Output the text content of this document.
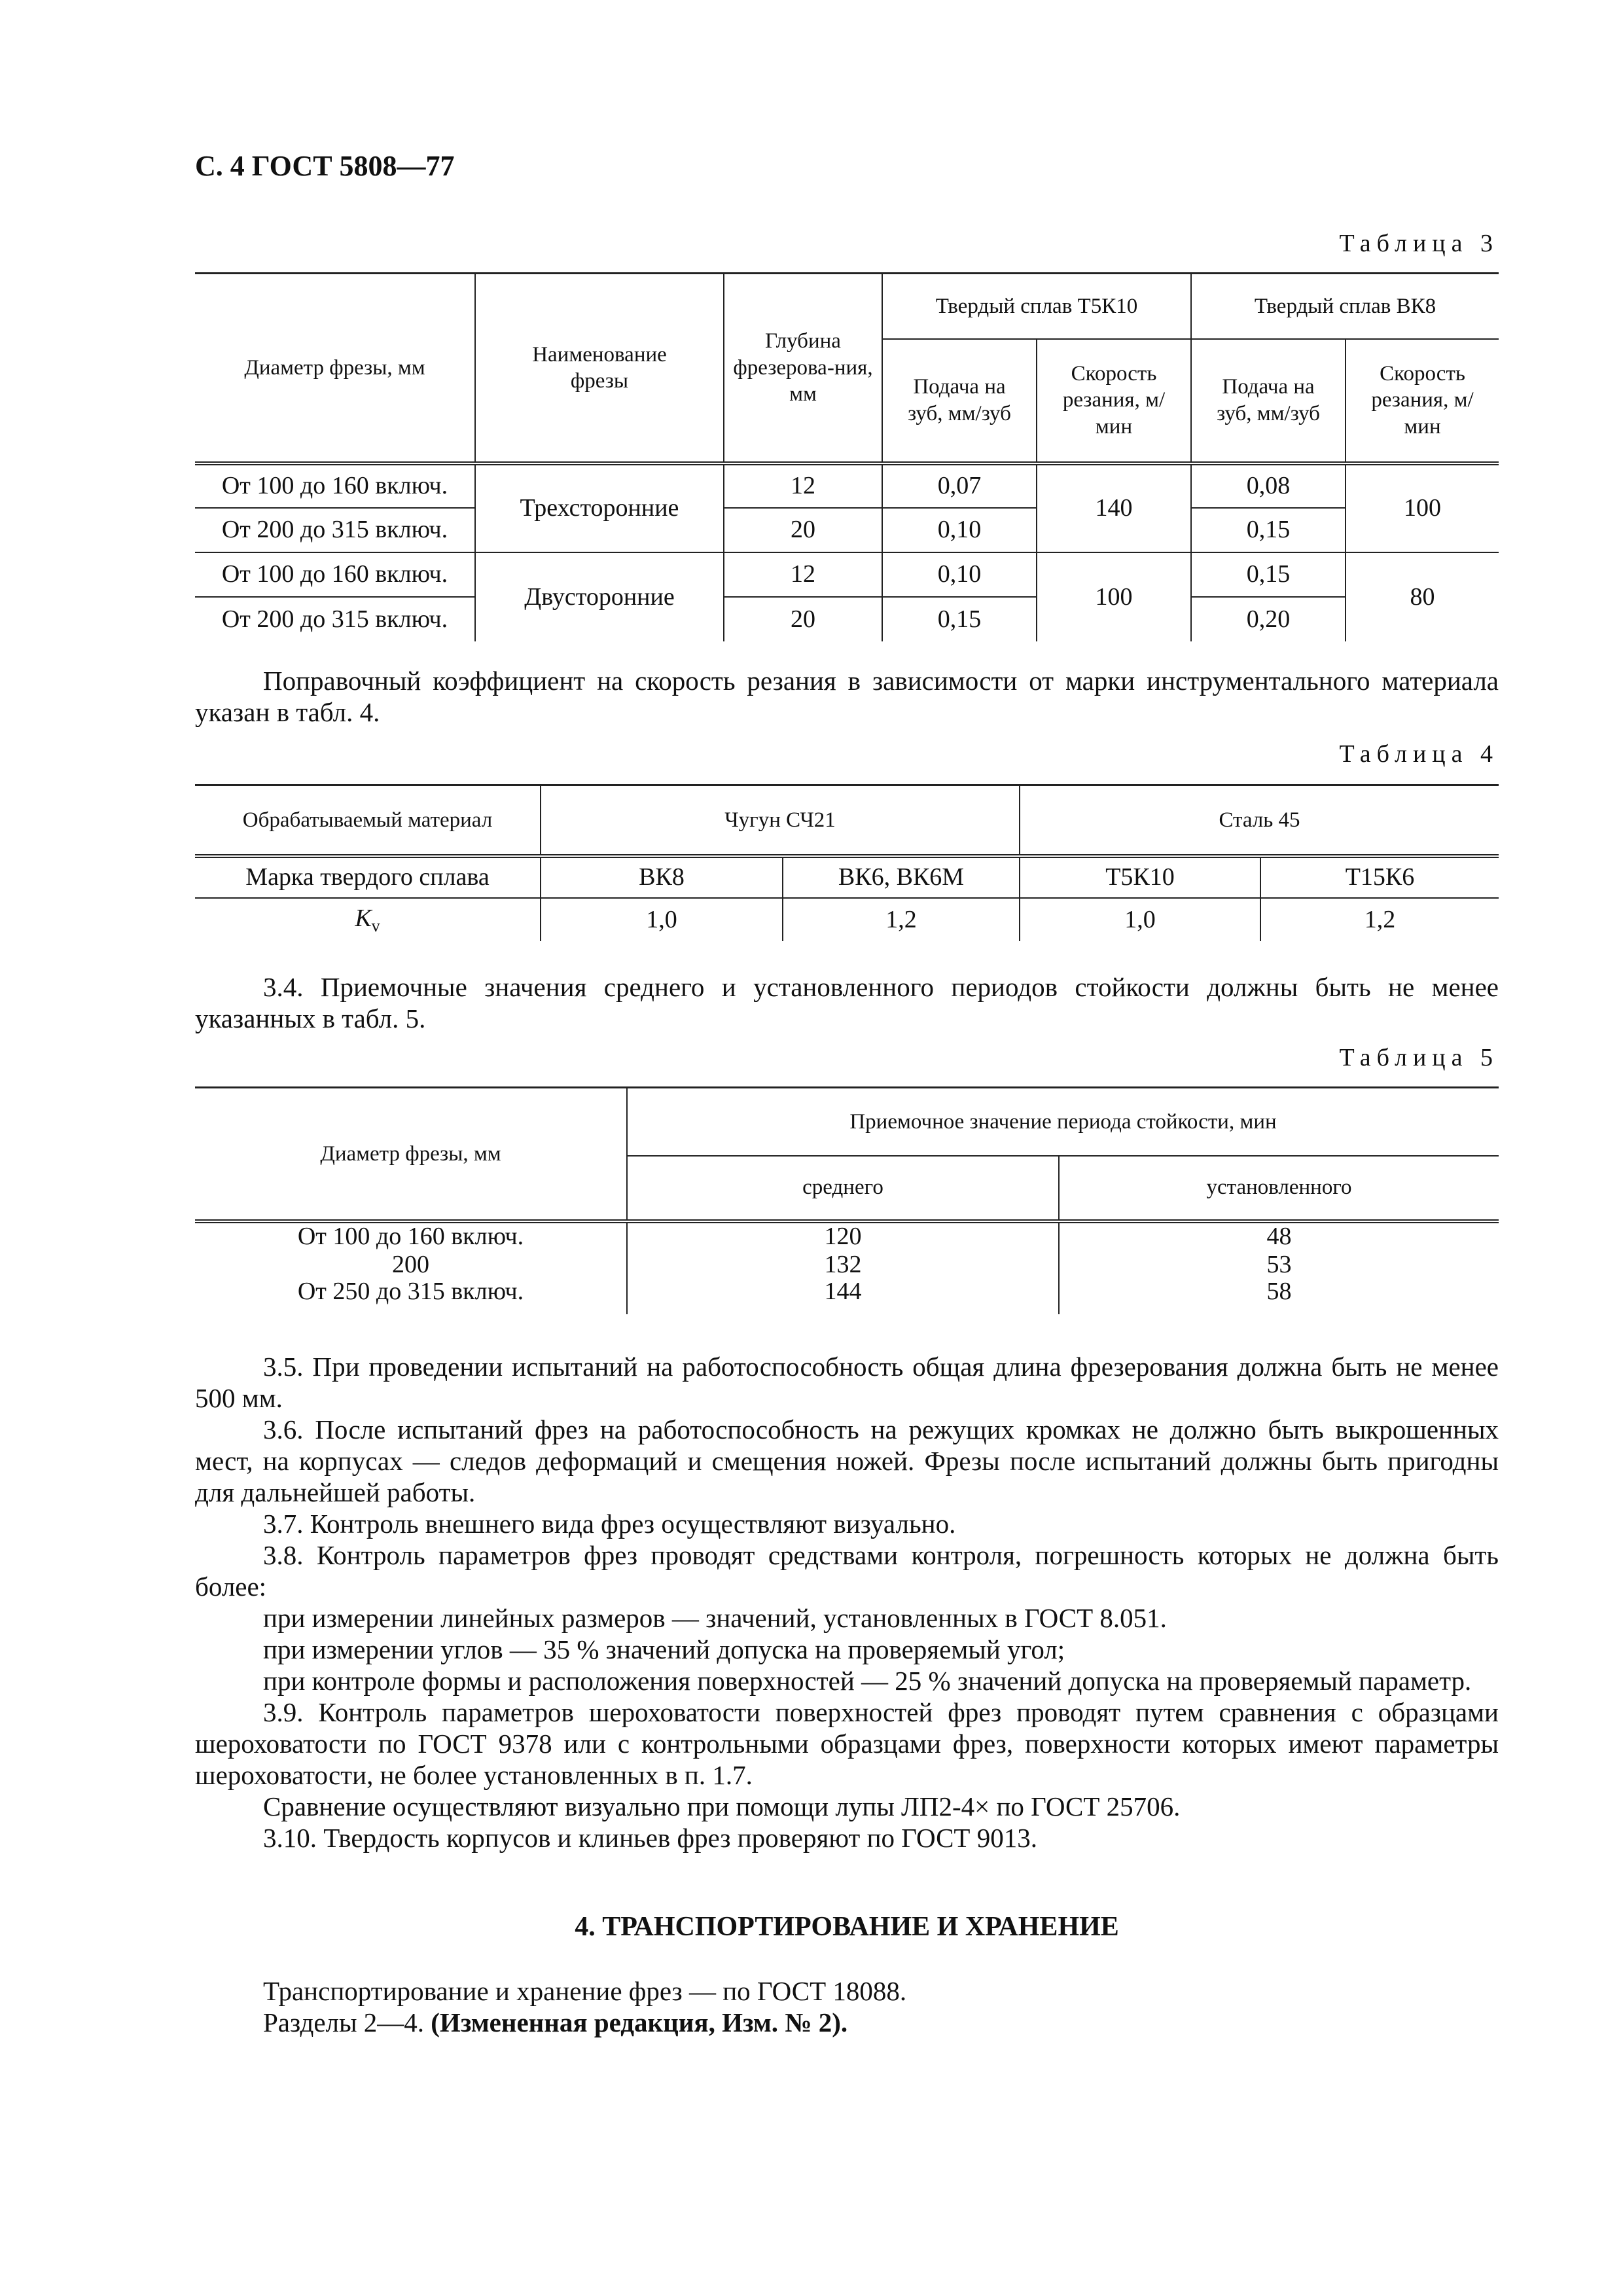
С. 4 ГОСТ 5808—77
Таблица 3
Диаметр фрезы, мм	Наименование фрезы	Глубина фрезерова-ния, мм	Твердый сплав Т5К10		Твердый сплав ВК8	
			Подача на зуб, мм/зуб	Скорость резания, м/мин	Подача на зуб, мм/зуб	Скорость резания, м/мин
От 100 до 160 включ.	Трехсторонние	12	0,07	140	0,08	100
От 200 до 315 включ.		20	0,10		0,15	
От 100 до 160 включ.	Двусторонние	12	0,10	100	0,15	80
От 200 до 315 включ.		20	0,15		0,20	

Поправочный коэффициент на скорость резания в зависимости от марки инструментального материала указан в табл. 4.

Таблица 4
Обрабатываемый материал	Чугун СЧ21		Сталь 45	
Марка твердого сплава	ВК8	ВК6, ВК6М	Т5К10	Т15К6
$K_v$	1,0	1,2	1,0	1,2

3.4. Приемочные значения среднего и установленного периодов стойкости должны быть не менее указанных в табл. 5.

Таблица 5
Диаметр фрезы, мм	Приемочное значение периода стойкости, мин	
	среднего	установленного
От 100 до 160 включ.	120	48
200	132	53
От 250 до 315 включ.	144	58

3.5. При проведении испытаний на работоспособность общая длина фрезерования должна быть не менее 500 мм.

3.6. После испытаний фрез на работоспособность на режущих кромках не должно быть выкрошенных мест, на корпусах — следов деформаций и смещения ножей. Фрезы после испытаний должны быть пригодны для дальнейшей работы.

3.7. Контроль внешнего вида фрез осуществляют визуально.

3.8. Контроль параметров фрез проводят средствами контроля, погрешность которых не должна быть более:

при измерении линейных размеров — значений, установленных в ГОСТ 8.051.

при измерении углов — 35 % значений допуска на проверяемый угол;

при контроле формы и расположения поверхностей — 25 % значений допуска на проверяемый параметр.

3.9. Контроль параметров шероховатости поверхностей фрез проводят путем сравнения с образцами шероховатости по ГОСТ 9378 или с контрольными образцами фрез, поверхности которых имеют параметры шероховатости, не более установленных в п. 1.7.

Сравнение осуществляют визуально при помощи лупы ЛП2-4× по ГОСТ 25706.

3.10. Твердость корпусов и клиньев фрез проверяют по ГОСТ 9013.

4. ТРАНСПОРТИРОВАНИЕ И ХРАНЕНИЕ

Транспортирование и хранение фрез — по ГОСТ 18088.

Разделы 2—4. (Измененная редакция, Изм. № 2).
